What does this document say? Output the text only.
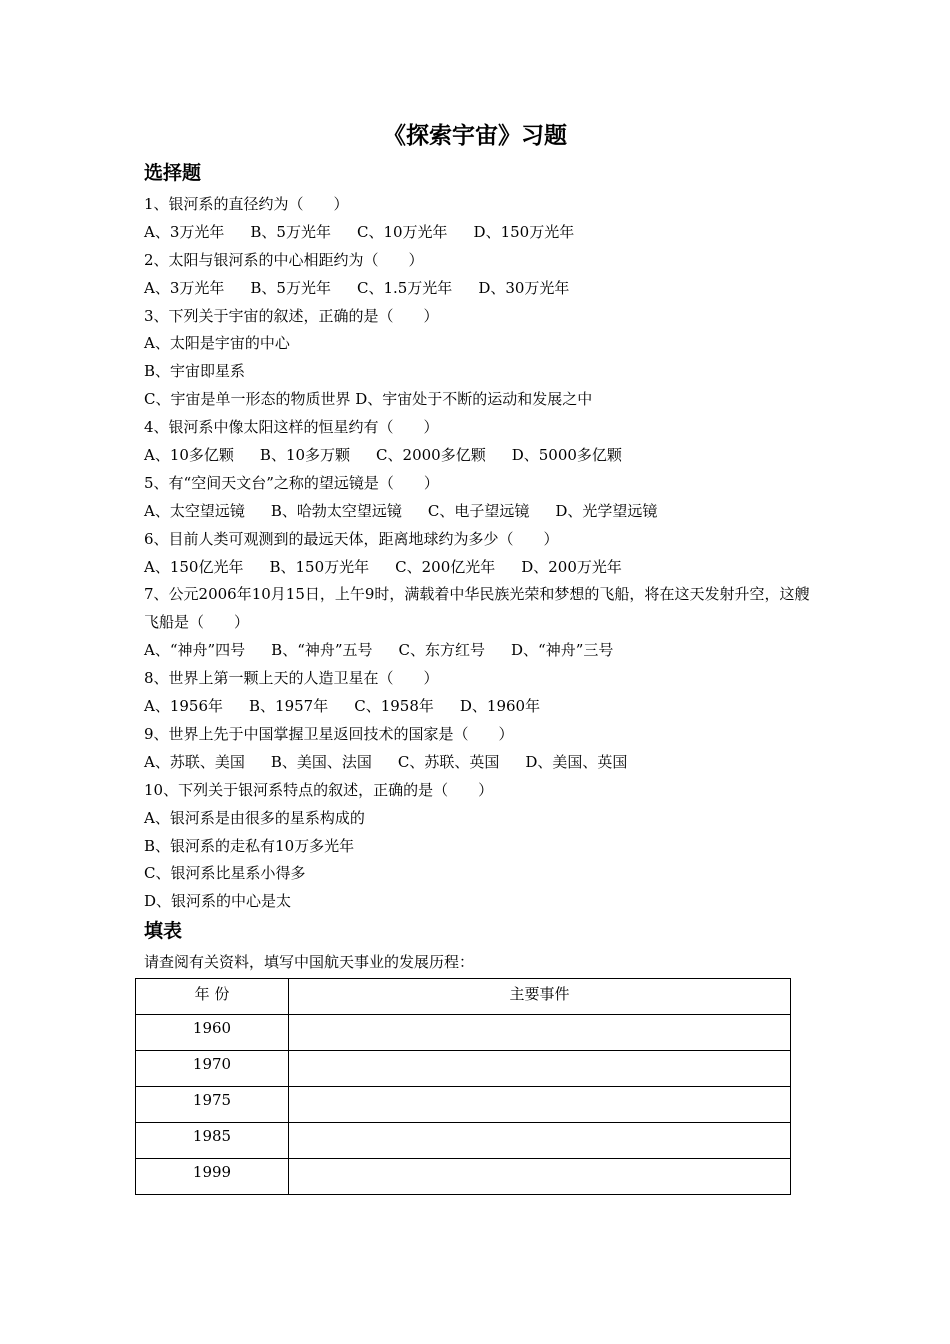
《探索宇宙》习题
选择题
1、银河系的直径约为（　　）
A、3万光年 B、5万光年 C、10万光年 D、150万光年
2、太阳与银河系的中心相距约为（　　）
A、3万光年 B、5万光年 C、1.5万光年 D、30万光年
3、下列关于宇宙的叙述，正确的是（　　）
A、太阳是宇宙的中心
B、宇宙即星系
C、宇宙是单一形态的物质世界 D、宇宙处于不断的运动和发展之中
4、银河系中像太阳这样的恒星约有（　　）
A、10多亿颗 B、10多万颗 C、2000多亿颗 D、5000多亿颗
5、有“空间天文台”之称的望远镜是（　　）
A、太空望远镜 B、哈勃太空望远镜 C、电子望远镜 D、光学望远镜
6、目前人类可观测到的最远天体，距离地球约为多少（　　）
A、150亿光年 B、150万光年 C、200亿光年 D、200万光年
7、公元2006年10月15日，上午9时，满载着中华民族光荣和梦想的飞船，将在这天发射升空，这艘飞船是（　　）
A、“神舟”四号 B、“神舟”五号 C、东方红号 D、“神舟”三号
8、世界上第一颗上天的人造卫星在（　　）
A、1956年 B、1957年 C、1958年 D、1960年
9、世界上先于中国掌握卫星返回技术的国家是（　　）
A、苏联、美国 B、美国、法国 C、苏联、英国 D、美国、英国
10、下列关于银河系特点的叙述，正确的是（　　）
A、银河系是由很多的星系构成的
B、银河系的走私有10万多光年
C、银河系比星系小得多
D、银河系的中心是太
填表
请查阅有关资料，填写中国航天事业的发展历程：
年 份	主要事件
1960	
1970	
1975	
1985	
1999	
